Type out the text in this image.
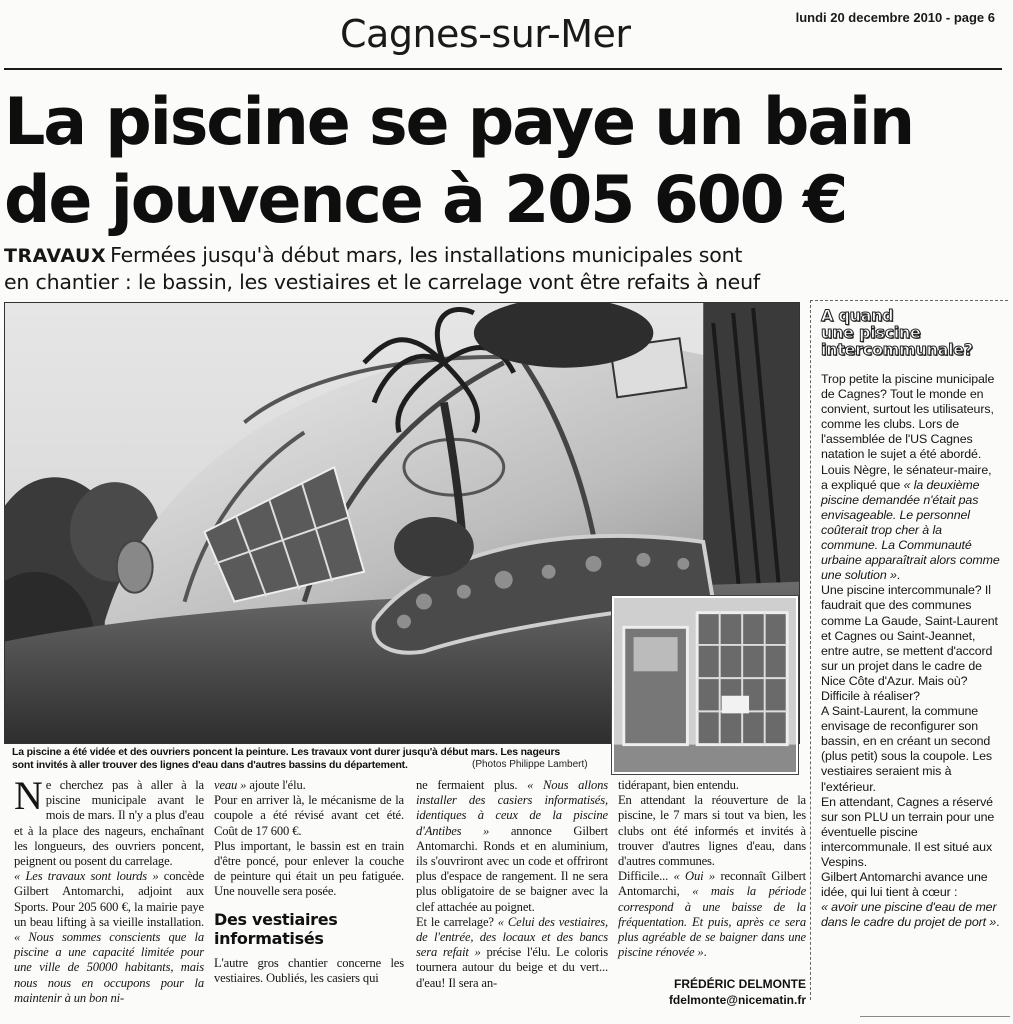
Cagnes-sur-Mer	lundi 20 decembre 2010 - page 6
La piscine se paye un bain
de jouvence à 205 600 €
TRAVAUX Fermées jusqu'à début mars, les installations municipales sont
en chantier : le bassin, les vestiaires et le carrelage vont être refaits à neuf
La piscine a été vidée et des ouvriers poncent la peinture. Les travaux vont durer jusqu'à début mars. Les nageurs
sont invités à aller trouver des lignes d'eau dans d'autres bassins du département.	(Photos Philippe Lambert)

Ne cherchez pas à aller à la piscine municipale avant le mois de mars. Il n'y a plus d'eau et à la place des nageurs, enchaînant les longueurs, des ouvriers poncent, peignent ou posent du carrelage.

« Les travaux sont lourds » concède Gilbert Antomarchi, adjoint aux Sports. Pour 205 600 €, la mairie paye un beau lifting à sa vieille installation. « Nous sommes conscients que la piscine a une capacité limitée pour une ville de 50000 habitants, mais nous nous en occupons pour la maintenir à un bon ni-

veau » ajoute l'élu.

Pour en arriver là, le mécanisme de la coupole a été révisé avant cet été. Coût de 17 600 €.

Plus important, le bassin est en train d'être poncé, pour enlever la couche de peinture qui était un peu fatiguée. Une nouvelle sera posée.

Des vestiaires informatisés

L'autre gros chantier concerne les vestiaires. Oubliés, les casiers qui

ne fermaient plus. « Nous allons installer des casiers informatisés, identiques à ceux de la piscine d'Antibes » annonce Gilbert Antomarchi. Ronds et en aluminium, ils s'ouvriront avec un code et offriront plus d'espace de rangement. Il ne sera plus obligatoire de se baigner avec la clef attachée au poignet.

Et le carrelage? « Celui des vestiaires, de l'entrée, des locaux et des bancs sera refait » précise l'élu. Le coloris tournera autour du beige et du vert... d'eau! Il sera an-

tidérapant, bien entendu.

En attendant la réouverture de la piscine, le 7 mars si tout va bien, les clubs ont été informés et invités à trouver d'autres lignes d'eau, dans d'autres communes.

Difficile... « Oui » reconnaît Gilbert Antomarchi, « mais la période correspond à une baisse de la fréquentation. Et puis, après ce sera plus agréable de se baigner dans une piscine rénovée ».

FRÉDÉRIC DELMONTE
fdelmonte@nicematin.fr
A quand
une piscine
intercommunale?

Trop petite la piscine municipale de Cagnes? Tout le monde en convient, surtout les utilisateurs, comme les clubs. Lors de l'assemblée de l'US Cagnes natation le sujet a été abordé.

Louis Nègre, le sénateur-maire, a expliqué que « la deuxième piscine demandée n'était pas envisageable. Le personnel coûterait trop cher à la commune. La Communauté urbaine apparaîtrait alors comme une solution ».

Une piscine intercommunale? Il faudrait que des communes comme La Gaude, Saint-Laurent et Cagnes ou Saint-Jeannet, entre autre, se mettent d'accord sur un projet dans le cadre de Nice Côte d'Azur. Mais où?

Difficile à réaliser?

A Saint-Laurent, la commune envisage de reconfigurer son bassin, en en créant un second (plus petit) sous la coupole. Les vestiaires seraient mis à l'extérieur.

En attendant, Cagnes a réservé sur son PLU un terrain pour une éventuelle piscine intercommunale. Il est situé aux Vespins.

Gilbert Antomarchi avance une idée, qui lui tient à cœur :

« avoir une piscine d'eau de mer dans le cadre du projet de port ».
